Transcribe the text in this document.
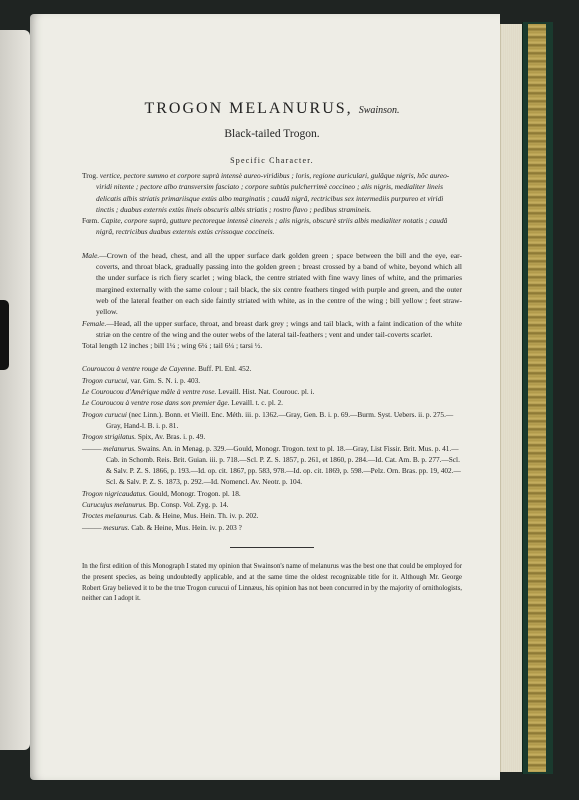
TROGON MELANURUS, Swainson.
Black-tailed Trogon.
Specific Character.

Trog. vertice, pectore summo et corpore suprà intensè aureo-viridibus ; loris, regione auriculari, gulâque nigris, hôc aureo-viridi nitente ; pectore albo transversim fasciato ; corpore subtùs pulcherrimè coccineo ; alis nigris, medialiter lineis delicatis albis striatis primariisque extùs albo marginatis ; caudâ nigrâ, rectricibus sex intermediis purpureo et viridi tinctis ; duabus externis extùs lineis obscuris albis striatis ; rostro flavo ; pedibus stramineis.

Fœm. Capite, corpore suprà, gutture pectoreque intensè cinereis ; alis nigris, obscurè striis albis medialiter notatis ; caudâ nigrâ, rectricibus duabus externis extùs crissoque coccineis.

Male.—Crown of the head, chest, and all the upper surface dark golden green ; space between the bill and the eye, ear-coverts, and throat black, gradually passing into the golden green ; breast crossed by a band of white, beyond which all the under surface is rich fiery scarlet ; wing black, the centre striated with fine wavy lines of white, and the primaries margined externally with the same colour ; tail black, the six centre feathers tinged with purple and green, and the outer web of the lateral feather on each side faintly striated with white, as in the centre of the wing ; bill yellow ; feet straw-yellow.

Female.—Head, all the upper surface, throat, and breast dark grey ; wings and tail black, with a faint indication of the white striæ on the centre of the wing and the outer webs of the lateral tail-feathers ; vent and under tail-coverts scarlet.

Total length 12 inches ; bill 1¼ ; wing 6¼ ; tail 6¼ ; tarsi ½.

Couroucou à ventre rouge de Cayenne. Buff. Pl. Enl. 452.

Trogon curucui, var. Gm. S. N. i. p. 403.

Le Couroucou d'Amérique mâle à ventre rose. Levaill. Hist. Nat. Courouc. pl. i.

Le Couroucou à ventre rose dans son premier âge. Levaill. t. c. pl. 2.

Trogon curucui (nec Linn.). Bonn. et Vieill. Enc. Méth. iii. p. 1362.—Gray, Gen. B. i. p. 69.—Burm. Syst. Uebers. ii. p. 275.—Gray, Hand-l. B. i. p. 81.

Trogon strigilatus. Spix, Av. Bras. i. p. 49.

——— melanurus. Swains. An. in Menag. p. 329.—Gould, Monogr. Trogon. text to pl. 18.—Gray, List Fissir. Brit. Mus. p. 41.—Cab. in Schomb. Reis. Brit. Guian. iii. p. 718.—Scl. P. Z. S. 1857, p. 261, et 1860, p. 284.—Id. Cat. Am. B. p. 277.—Scl. & Salv. P. Z. S. 1866, p. 193.—Id. op. cit. 1867, pp. 583, 978.—Id. op. cit. 1869, p. 598.—Pelz. Orn. Bras. pp. 19, 402.—Scl. & Salv. P. Z. S. 1873, p. 292.—Id. Nomencl. Av. Neotr. p. 104.

Trogon nigricaudatus. Gould, Monogr. Trogon. pl. 18.

Curucujus melanurus. Bp. Consp. Vol. Zyg. p. 14.

Troctes melanurus. Cab. & Heine, Mus. Hein. Th. iv. p. 202.

——— mesurus. Cab. & Heine, Mus. Hein. iv. p. 203 ?

In the first edition of this Monograph I stated my opinion that Swainson's name of melanurus was the best one that could be employed for the present species, as being undoubtedly applicable, and at the same time the oldest recognizable title for it. Although Mr. George Robert Gray believed it to be the true Trogon curucui of Linnæus, his opinion has not been concurred in by the majority of ornithologists, neither can I adopt it.
